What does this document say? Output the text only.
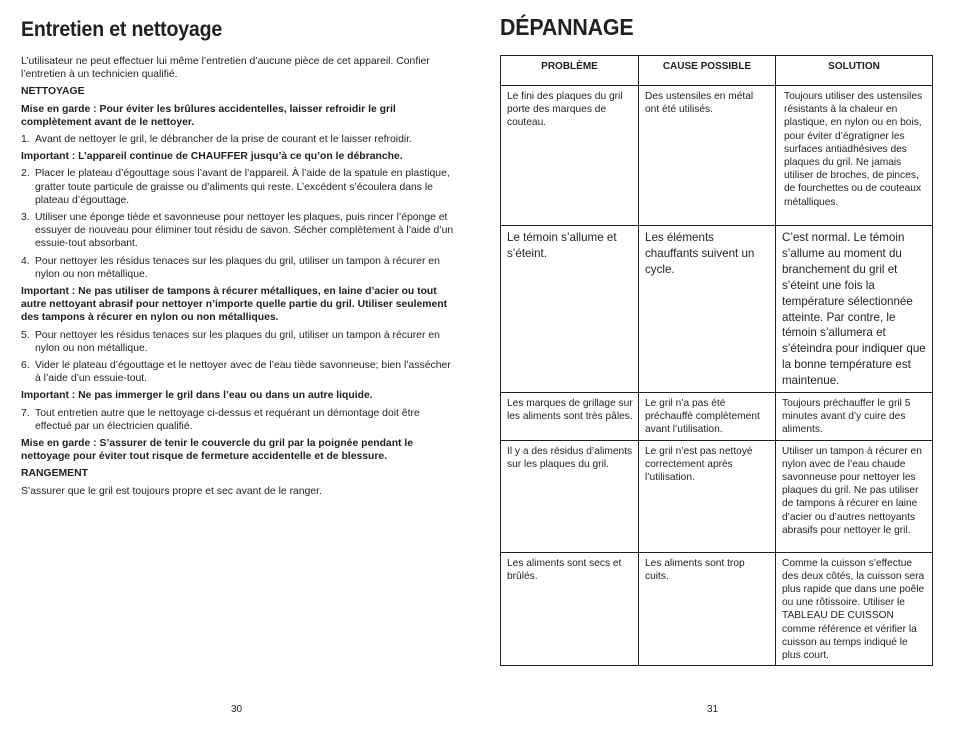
Entretien et nettoyage

L’utilisateur ne peut effectuer lui même l’entretien d’aucune pièce de cet appareil. Confier l’entretien à un technicien qualifié.

NETTOYAGE

Mise en garde : Pour éviter les brûlures accidentelles, laisser refroidir le gril complètement avant de le nettoyer.

1. Avant de nettoyer le gril, le débrancher de la prise de courant et le laisser refroidir.

Important : L’appareil continue de CHAUFFER jusqu’à ce qu’on le débranche.

2. Placer le plateau d’égouttage sous l’avant de l’appareil. À l’aide de la spatule en plastique, gratter toute particule de graisse ou d’aliments qui reste. L’excédent s’écoulera dans le plateau d’égouttage.
3. Utiliser une éponge tiède et savonneuse pour nettoyer les plaques, puis rincer l’éponge et essuyer de nouveau pour éliminer tout résidu de savon. Sécher complètement à l’aide d’un essuie-tout absorbant.
4. Pour nettoyer les résidus tenaces sur les plaques du gril, utiliser un tampon à récurer en nylon ou non métallique.

Important : Ne pas utiliser de tampons à récurer métalliques, en laine d’acier ou tout autre nettoyant abrasif pour nettoyer n’importe quelle partie du gril. Utiliser seulement des tampons à récurer en nylon ou non métalliques.

5. Pour nettoyer les résidus tenaces sur les plaques du gril, utiliser un tampon à récurer en nylon ou non métallique.
6. Vider le plateau d’égouttage et le nettoyer avec de l’eau tiède savonneuse; bien l’assécher à l’aide d’un essuie-tout.

Important : Ne pas immerger le gril dans l’eau ou dans un autre liquide.

7. Tout entretien autre que le nettoyage ci-dessus et requérant un démontage doit être effectué par un électricien qualifié.

Mise en garde : S’assurer de tenir le couvercle du gril par la poignée pendant le nettoyage pour éviter tout risque de fermeture accidentelle et de blessure.

RANGEMENT

S’assurer que le gril est toujours propre et sec avant de le ranger.

30
DÉPANNAGE
PROBLÈME	CAUSE POSSIBLE	SOLUTION
Le fini des plaques du gril porte des marques de couteau.	Des ustensiles en métal ont été utilisés.	Toujours utiliser des ustensiles résistants à la chaleur en plastique, en nylon ou en bois, pour éviter d’égratigner les surfaces antiadhésives des plaques du gril. Ne jamais utiliser de broches, de pinces, de fourchettes ou de couteaux métalliques.
Le témoin s’allume et s’éteint.	Les éléments chauffants suivent un cycle.	C’est normal. Le témoin s’allume au moment du branchement du gril et s’éteint une fois la température sélectionnée atteinte. Par contre, le témoin s’allumera et s’éteindra pour indiquer que la bonne température est maintenue.
Les marques de grillage sur les aliments sont très pâles.	Le gril n’a pas été préchauffé complètement avant l’utilisation.	Toujours préchauffer le gril 5 minutes avant d’y cuire des aliments.
Il y a des résidus d’aliments sur les plaques du gril.	Le gril n’est pas nettoyé correctement après l’utilisation.	Utiliser un tampon à récurer en nylon avec de l’eau chaude savonneuse pour nettoyer les plaques du gril. Ne pas utiliser de tampons à récurer en laine d’acier ou d’autres nettoyants abrasifs pour nettoyer le gril.
Les aliments sont secs et brûlés.	Les aliments sont trop cuits.	Comme la cuisson s’effectue des deux côtés, la cuisson sera plus rapide que dans une poêle ou une rôtissoire. Utiliser le TABLEAU DE CUISSON comme référence et vérifier la cuisson au temps indiqué le plus court.
31
